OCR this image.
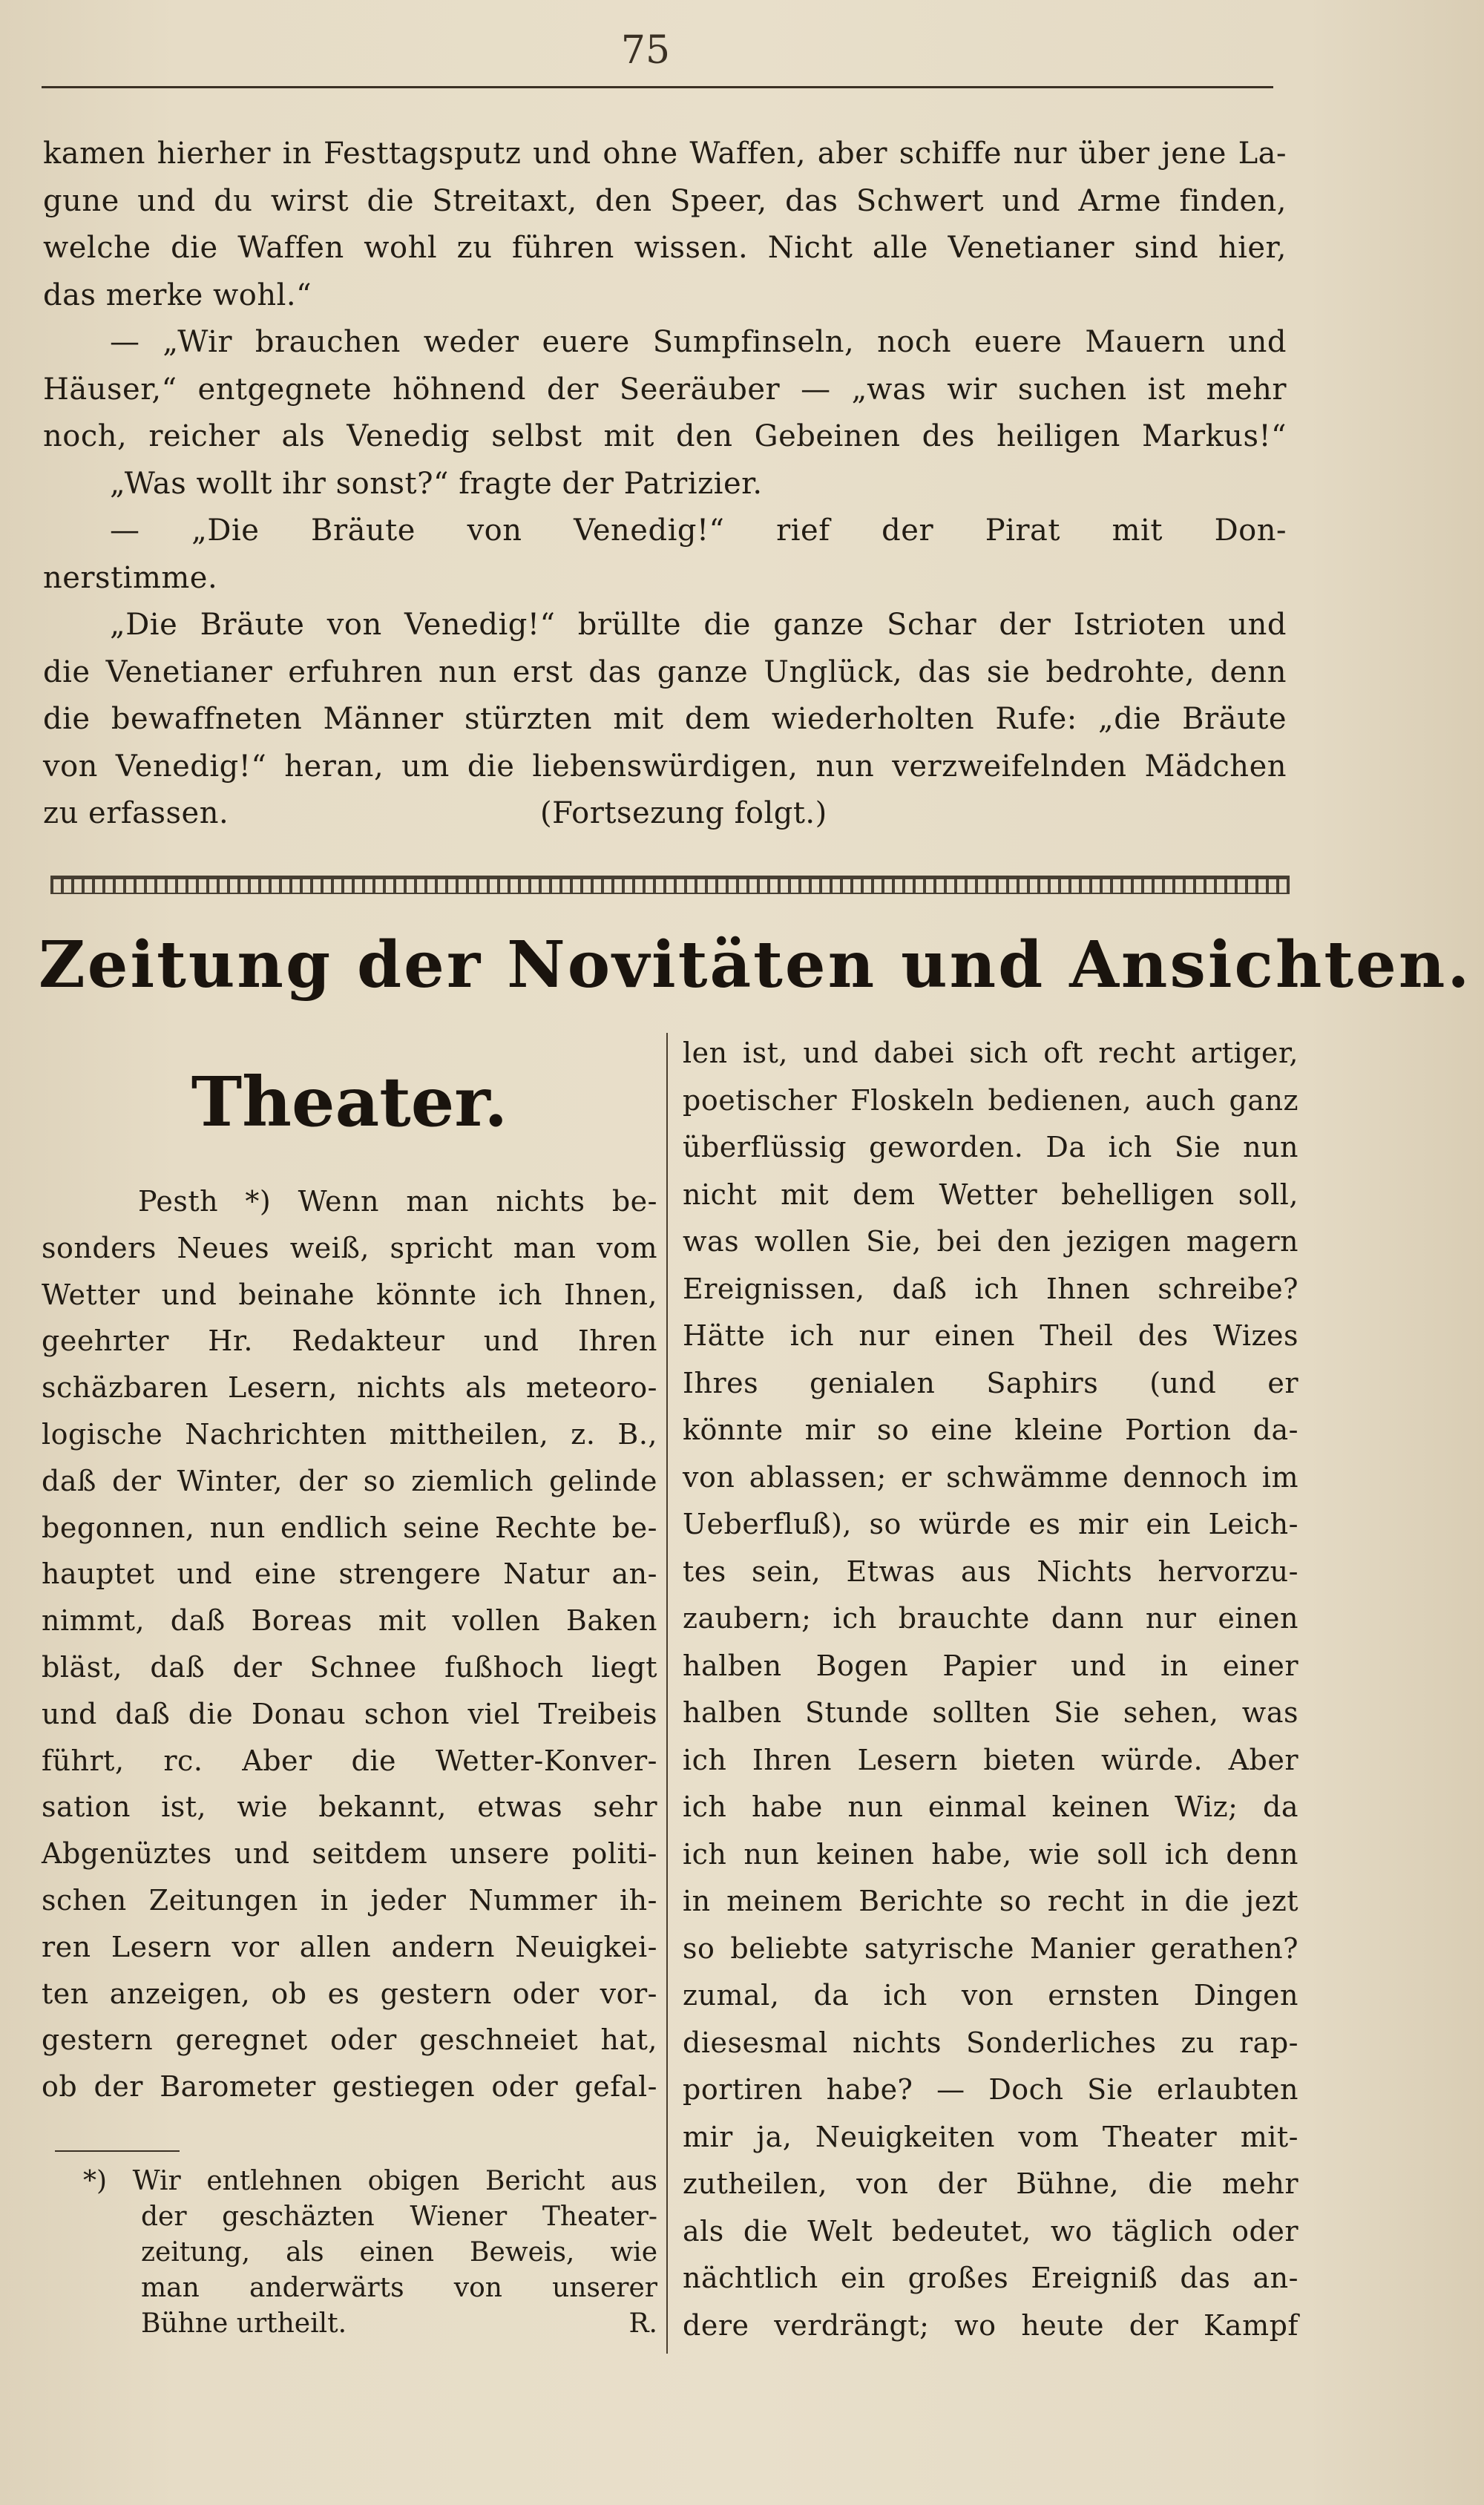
75
kamen hierher in Festtagsputz und ohne Waffen, aber schiffe nur über jene La-
gune und du wirst die Streitaxt, den Speer, das Schwert und Arme finden,
welche die Waffen wohl zu führen wissen. Nicht alle Venetianer sind hier,
das merke wohl.“
— „Wir brauchen weder euere Sumpfinseln, noch euere Mauern und
Häuser,“ entgegnete höhnend der Seeräuber — „was wir suchen ist mehr
noch, reicher als Venedig selbst mit den Gebeinen des heiligen Markus!“
„Was wollt ihr sonst?“ fragte der Patrizier.
— „Die Bräute von Venedig!“ rief der Pirat mit Don-
nerstimme.
„Die Bräute von Venedig!“ brüllte die ganze Schar der Istrioten und
die Venetianer erfuhren nun erst das ganze Unglück, das sie bedrohte, denn
die bewaffneten Männer stürzten mit dem wiederholten Rufe: „die Bräute
von Venedig!“ heran, um die liebenswürdigen, nun verzweifelnden Mädchen
zu erfassen.	(Fortsezung folgt.)
Zeitung der Novitäten und Ansichten.
Theater.
Pesth *) Wenn man nichts be-
sonders Neues weiß, spricht man vom
Wetter und beinahe könnte ich Ihnen,
geehrter Hr. Redakteur und Ihren
schäzbaren Lesern, nichts als meteoro-
logische Nachrichten mittheilen, z. B.,
daß der Winter, der so ziemlich gelinde
begonnen, nun endlich seine Rechte be-
hauptet und eine strengere Natur an-
nimmt, daß Boreas mit vollen Baken
bläst, daß der Schnee fußhoch liegt
und daß die Donau schon viel Treibeis
führt, rc. Aber die Wetter-Konver-
sation ist, wie bekannt, etwas sehr
Abgenüztes und seitdem unsere politi-
schen Zeitungen in jeder Nummer ih-
ren Lesern vor allen andern Neuigkei-
ten anzeigen, ob es gestern oder vor-
gestern geregnet oder geschneiet hat,
ob der Barometer gestiegen oder gefal-
*) Wir entlehnen obigen Bericht aus
der geschäzten Wiener Theater-
zeitung, als einen Beweis, wie
man anderwärts von unserer
Bühne urtheilt.	R.
len ist, und dabei sich oft recht artiger,
poetischer Floskeln bedienen, auch ganz
überflüssig geworden. Da ich Sie nun
nicht mit dem Wetter behelligen soll,
was wollen Sie, bei den jezigen magern
Ereignissen, daß ich Ihnen schreibe?
Hätte ich nur einen Theil des Wizes
Ihres genialen Saphirs (und er
könnte mir so eine kleine Portion da-
von ablassen; er schwämme dennoch im
Ueberfluß), so würde es mir ein Leich-
tes sein, Etwas aus Nichts hervorzu-
zaubern; ich brauchte dann nur einen
halben Bogen Papier und in einer
halben Stunde sollten Sie sehen, was
ich Ihren Lesern bieten würde. Aber
ich habe nun einmal keinen Wiz; da
ich nun keinen habe, wie soll ich denn
in meinem Berichte so recht in die jezt
so beliebte satyrische Manier gerathen?
zumal, da ich von ernsten Dingen
diesesmal nichts Sonderliches zu rap-
portiren habe? — Doch Sie erlaubten
mir ja, Neuigkeiten vom Theater mit-
zutheilen, von der Bühne, die mehr
als die Welt bedeutet, wo täglich oder
nächtlich ein großes Ereigniß das an-
dere verdrängt; wo heute der Kampf
